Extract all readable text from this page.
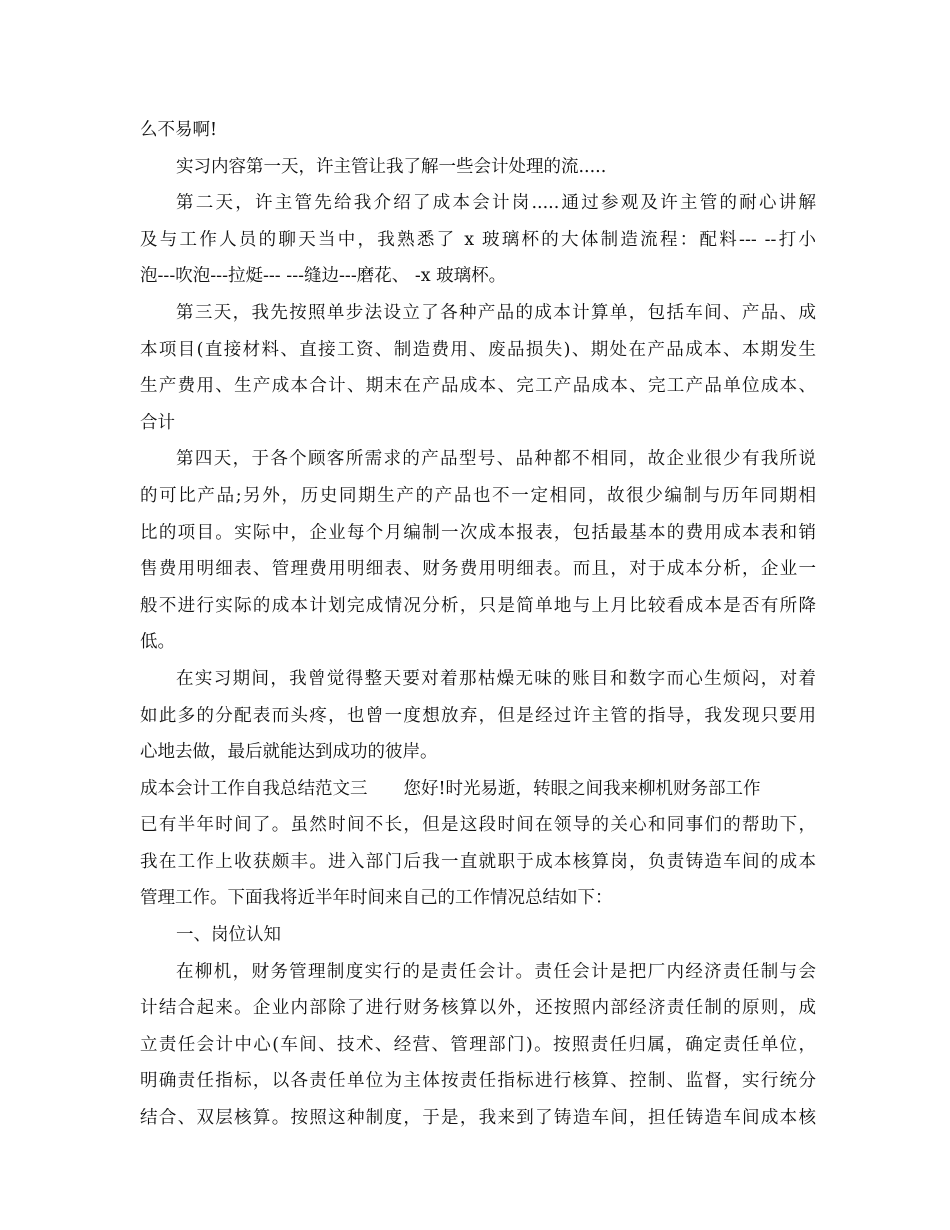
么不易啊!
实习内容第一天，许主管让我了解一些会计处理的流.....
第二天，许主管先给我介绍了成本会计岗.....通过参观及许主管的耐心讲解
及与工作人员的聊天当中，我熟悉了 x 玻璃杯的大体制造流程：配料--- --打小
泡---吹泡---拉烶--- ---缝边---磨花、 -x 玻璃杯。
第三天，我先按照单步法设立了各种产品的成本计算单，包括车间、产品、成
本项目(直接材料、直接工资、制造费用、废品损失)、期处在产品成本、本期发生
生产费用、生产成本合计、期末在产品成本、完工产品成本、完工产品单位成本、
合计
第四天，于各个顾客所需求的产品型号、品种都不相同，故企业很少有我所说
的可比产品;另外，历史同期生产的产品也不一定相同，故很少编制与历年同期相
比的项目。实际中，企业每个月编制一次成本报表，包括最基本的费用成本表和销
售费用明细表、管理费用明细表、财务费用明细表。而且，对于成本分析，企业一
般不进行实际的成本计划完成情况分析，只是简单地与上月比较看成本是否有所降
低。
在实习期间，我曾觉得整天要对着那枯燥无味的账目和数字而心生烦闷，对着
如此多的分配表而头疼，也曾一度想放弃，但是经过许主管的指导，我发现只要用
心地去做，最后就能达到成功的彼岸。
成本会计工作自我总结范文三 您好!时光易逝，转眼之间我来柳机财务部工作
已有半年时间了。虽然时间不长，但是这段时间在领导的关心和同事们的帮助下，
我在工作上收获颇丰。进入部门后我一直就职于成本核算岗，负责铸造车间的成本
管理工作。下面我将近半年时间来自己的工作情况总结如下：
一、岗位认知
在柳机，财务管理制度实行的是责任会计。责任会计是把厂内经济责任制与会
计结合起来。企业内部除了进行财务核算以外，还按照内部经济责任制的原则，成
立责任会计中心(车间、技术、经营、管理部门)。按照责任归属，确定责任单位，
明确责任指标，以各责任单位为主体按责任指标进行核算、控制、监督，实行统分
结合、双层核算。按照这种制度，于是，我来到了铸造车间，担任铸造车间成本核
